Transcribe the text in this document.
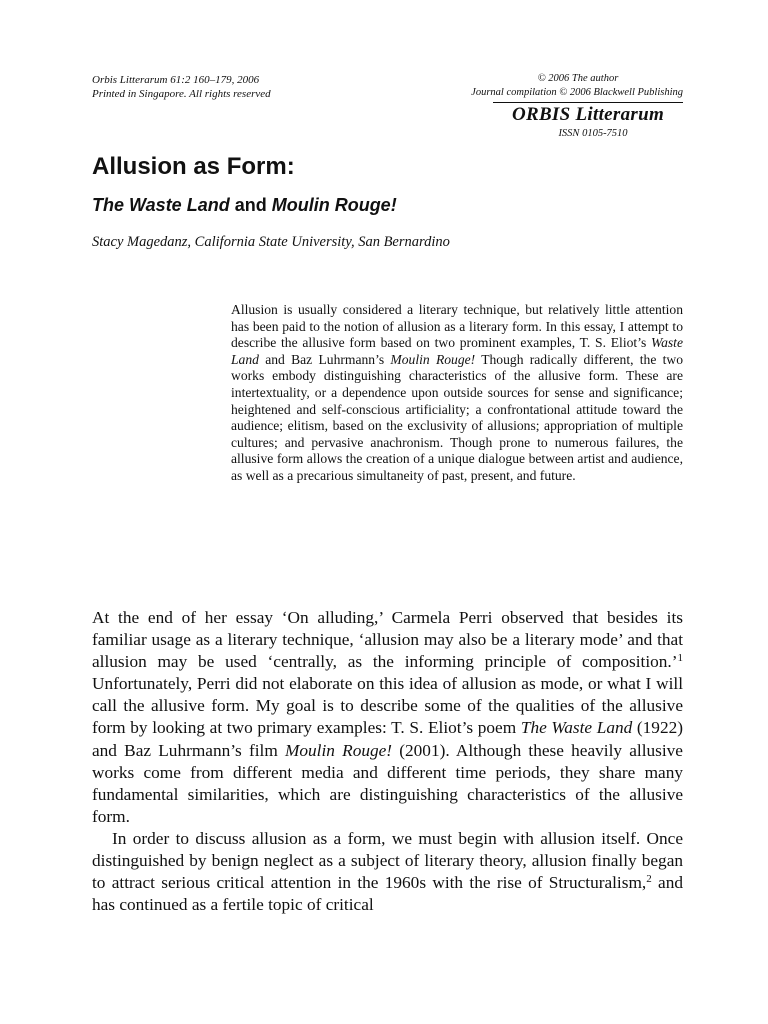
Orbis Litterarum 61:2 160–179, 2006
Printed in Singapore. All rights reserved
© 2006 The author
Journal compilation © 2006 Blackwell Publishing
ORBIS Litterarum
ISSN 0105-7510
Allusion as Form:
The Waste Land and Moulin Rouge!
Stacy Magedanz, California State University, San Bernardino
Allusion is usually considered a literary technique, but relatively little attention has been paid to the notion of allusion as a literary form. In this essay, I attempt to describe the allusive form based on two prominent examples, T. S. Eliot’s Waste Land and Baz Luhrmann’s Moulin Rouge! Though radically different, the two works embody distinguishing characteristics of the allusive form. These are intertextuality, or a dependence upon outside sources for sense and significance; heightened and self-conscious artificiality; a confrontational attitude toward the audience; elitism, based on the exclusivity of allusions; appropriation of multiple cultures; and pervasive anachronism. Though prone to numerous failures, the allusive form allows the creation of a unique dialogue between artist and audience, as well as a precarious simultaneity of past, present, and future.

At the end of her essay ‘On alluding,’ Carmela Perri observed that besides its familiar usage as a literary technique, ‘allusion may also be a literary mode’ and that allusion may be used ‘centrally, as the informing principle of composition.’$^1$ Unfortunately, Perri did not elaborate on this idea of allusion as mode, or what I will call the allusive form. My goal is to describe some of the qualities of the allusive form by looking at two primary examples: T. S. Eliot’s poem The Waste Land (1922) and Baz Luhrmann’s film Moulin Rouge! (2001). Although these heavily allusive works come from different media and different time periods, they share many fundamental similarities, which are distinguishing characteristics of the allusive form.

In order to discuss allusion as a form, we must begin with allusion itself. Once distinguished by benign neglect as a subject of literary theory, allusion finally began to attract serious critical attention in the 1960s with the rise of Structuralism,$^2$ and has continued as a fertile topic of critical
